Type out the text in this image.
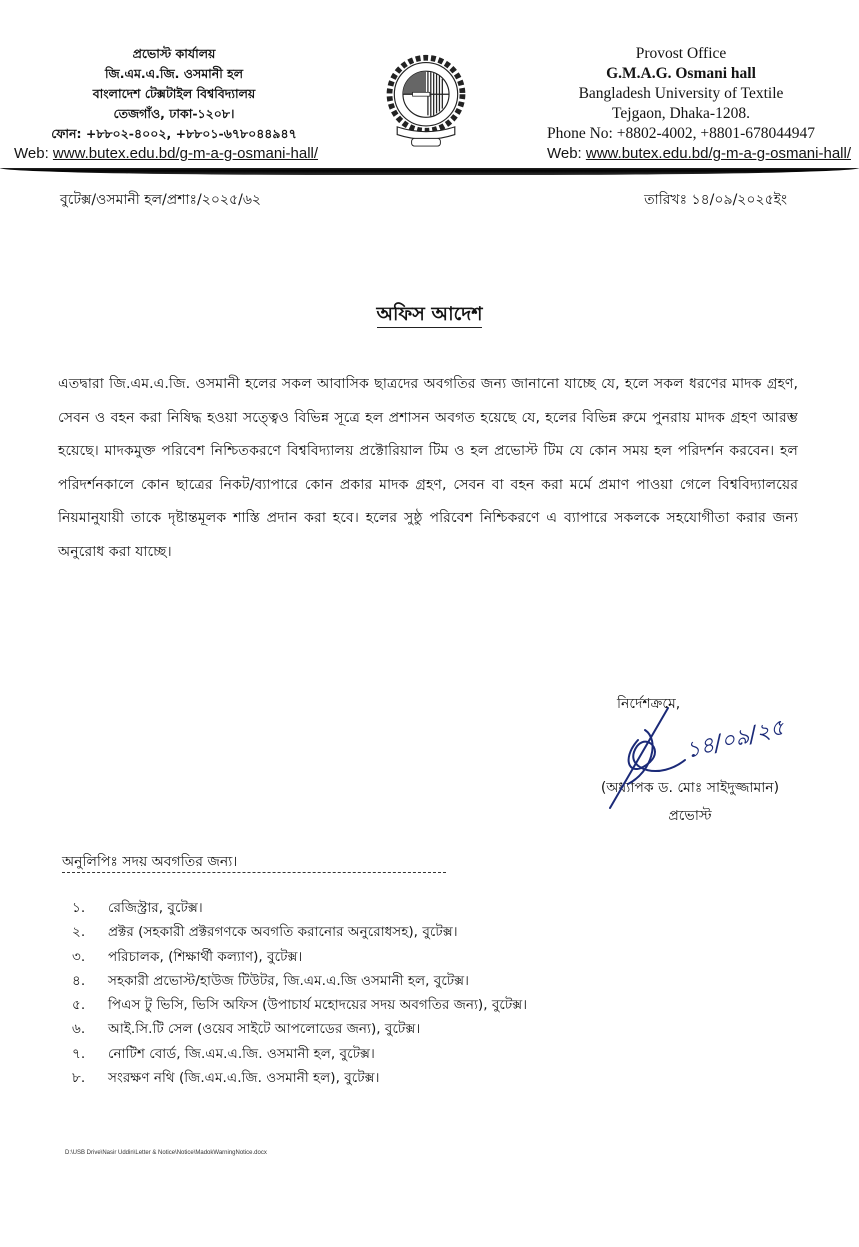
প্রভোস্ট কার্যালয়
জি.এম.এ.জি. ওসমানী হল
বাংলাদেশ টেক্সটাইল বিশ্ববিদ্যালয়
তেজগাঁও, ঢাকা-১২০৮।
ফোন: +৮৮০২-৪০০২, +৮৮০১-৬৭৮০৪৪৯৪৭
Web: www.butex.edu.bd/g-m-a-g-osmani-hall/
Provost Office
G.M.A.G. Osmani hall
Bangladesh University of Textile
Tejgaon, Dhaka-1208.
Phone No: +8802-4002, +8801-678044947
Web: www.butex.edu.bd/g-m-a-g-osmani-hall/
বুটেক্স/ওসমানী হল/প্রশাঃ/২০২৫/৬২	তারিখঃ ১৪/০৯/২০২৫ইং
অফিস আদেশ
এতদ্বারা জি.এম.এ.জি. ওসমানী হলের সকল আবাসিক ছাত্রদের অবগতির জন্য জানানো যাচ্ছে যে, হলে সকল ধরণের মাদক গ্রহণ, সেবন ও বহন করা নিষিদ্ধ হওয়া সত্ত্বেও বিভিন্ন সূত্রে হল প্রশাসন অবগত হয়েছে যে, হলের বিভিন্ন রুমে পুনরায় মাদক গ্রহণ আরম্ভ হয়েছে। মাদকমুক্ত পরিবেশ নিশ্চিতকরণে বিশ্ববিদ্যালয় প্রক্টোরিয়াল টিম ও হল প্রভোস্ট টিম যে কোন সময় হল পরিদর্শন করবেন। হল পরিদর্শনকালে কোন ছাত্রের নিকট/ব্যাপারে কোন প্রকার মাদক গ্রহণ, সেবন বা বহন করা মর্মে প্রমাণ পাওয়া গেলে বিশ্ববিদ্যালয়ের নিয়মানুযায়ী তাকে দৃষ্টান্তমূলক শাস্তি প্রদান করা হবে। হলের সুষ্ঠু পরিবেশ নিশ্চিকরণে এ ব্যাপারে সকলকে সহযোগীতা করার জন্য অনুরোধ করা যাচ্ছে।
নির্দেশক্রমে,
(অধ্যাপক ড. মোঃ সাইদুজ্জামান)
প্রভোস্ট
১৪/০৯/২৫
অনুলিপিঃ সদয় অবগতির জন্য।
১.	রেজিস্ট্রার, বুটেক্স।
২.	প্রক্টর (সহকারী প্রক্টরগণকে অবগতি করানোর অনুরোধসহ), বুটেক্স।
৩.	পরিচালক, (শিক্ষার্থী কল্যাণ), বুটেক্স।
৪.	সহকারী প্রভোস্ট/হাউজ টিউটর, জি.এম.এ.জি ওসমানী হল, বুটেক্স।
৫.	পিএস টু ভিসি, ভিসি অফিস (উপাচার্য মহোদয়ের সদয় অবগতির জন্য), বুটেক্স।
৬.	আই.সি.টি সেল (ওয়েব সাইটে আপলোডের জন্য), বুটেক্স।
৭.	নোটিশ বোর্ড, জি.এম.এ.জি. ওসমানী হল, বুটেক্স।
৮.	সংরক্ষণ নথি (জি.এম.এ.জি. ওসমানী হল), বুটেক্স।
D:\USB Drive\Nasir Uddin\Letter & Notice\Notice\MadokWarningNotice.docx
